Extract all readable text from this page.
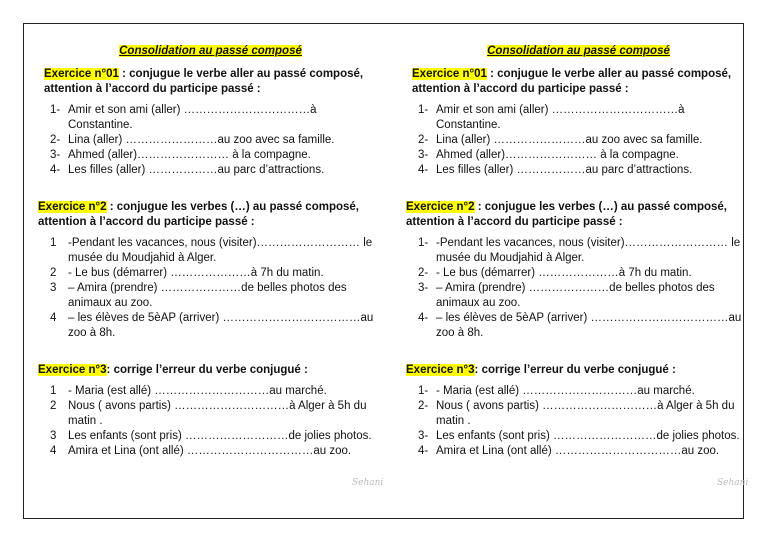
Consolidation au passé composé
Exercice n°01 : conjugue le verbe aller au passé composé, attention à l’accord du participe passé :
1- Amir et son ami (aller) ……………………………à Constantine.
2- Lina (aller) ……………………au zoo avec sa famille.
3- Ahmed (aller)…………………… à la compagne.
4- Les filles (aller) ………………au parc d’attractions.
Exercice n°2 : conjugue les verbes (…) au passé composé, attention à l’accord du participe passé :
1 -Pendant les vacances, nous (visiter)……………………… le musée du Moudjahid à Alger.
2 - Le bus (démarrer) …………………à 7h du matin.
3 – Amira (prendre) …………………de belles photos des animaux au zoo.
4 – les élèves de 5èAP (arriver) ………………………………au zoo à 8h.
Exercice n°3: corrige l’erreur du verbe conjugué :
1 - Maria (est allé) …………………………au marché.
2 Nous ( avons partis) …………………………à Alger à 5h du matin .
3 Les enfants (sont pris) ………………………de jolies photos.
4 Amira et Lina (ont allé) ……………………………au zoo.
Consolidation au passé composé
Exercice n°01 : conjugue le verbe aller au passé composé, attention à l’accord du participe passé :
1- Amir et son ami (aller) ……………………………à Constantine.
2- Lina (aller) ……………………au zoo avec sa famille.
3- Ahmed (aller)…………………… à la compagne.
4- Les filles (aller) ………………au parc d’attractions.
Exercice n°2 : conjugue les verbes (…) au passé composé, attention à l’accord du participe passé :
1- -Pendant les vacances, nous (visiter)……………………… le musée du Moudjahid à Alger.
2- - Le bus (démarrer) …………………à 7h du matin.
3- – Amira (prendre) …………………de belles photos des animaux au zoo.
4- – les élèves de 5èAP (arriver) ………………………………au zoo à 8h.
Exercice n°3: corrige l’erreur du verbe conjugué :
1- - Maria (est allé) …………………………au marché.
2- Nous ( avons partis) …………………………à Alger à 5h du matin .
3- Les enfants (sont pris) ………………………de jolies photos.
4- Amira et Lina (ont allé) ……………………………au zoo.
Sehani	Sehani
